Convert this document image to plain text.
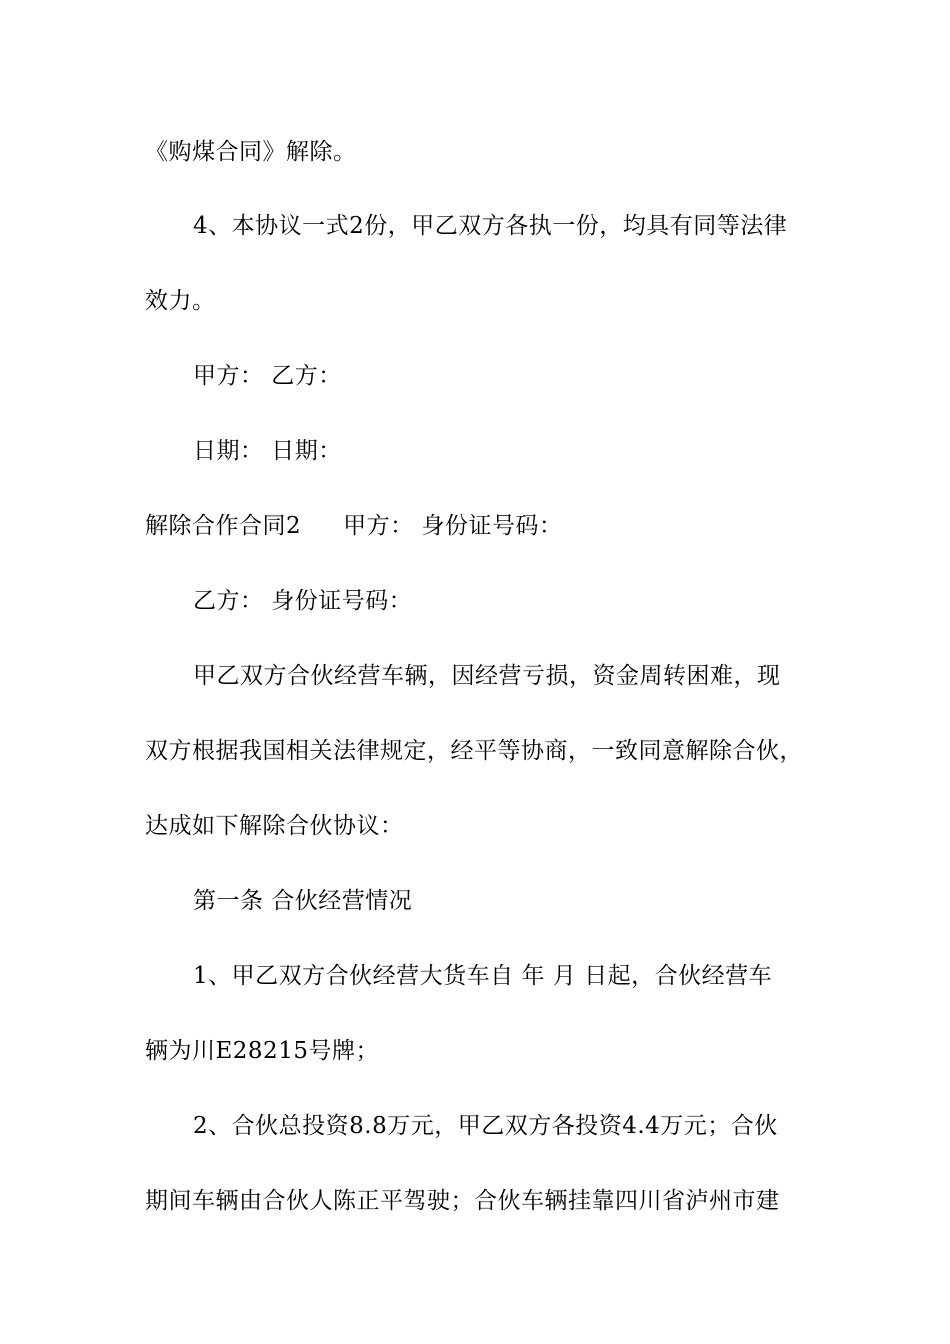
《购煤合同》解除。
4、本协议一式2份，甲乙双方各执一份，均具有同等法律
效力。
甲方： 乙方：
日期： 日期：
解除合作合同2 甲方： 身份证号码：
乙方： 身份证号码：
甲乙双方合伙经营车辆，因经营亏损，资金周转困难，现
双方根据我国相关法律规定，经平等协商，一致同意解除合伙，
达成如下解除合伙协议：
第一条 合伙经营情况
1、甲乙双方合伙经营大货车自 年 月 日起，合伙经营车
辆为川E28215号牌；
2、合伙总投资8.8万元，甲乙双方各投资4.4万元；合伙
期间车辆由合伙人陈正平驾驶；合伙车辆挂靠四川省泸州市建
